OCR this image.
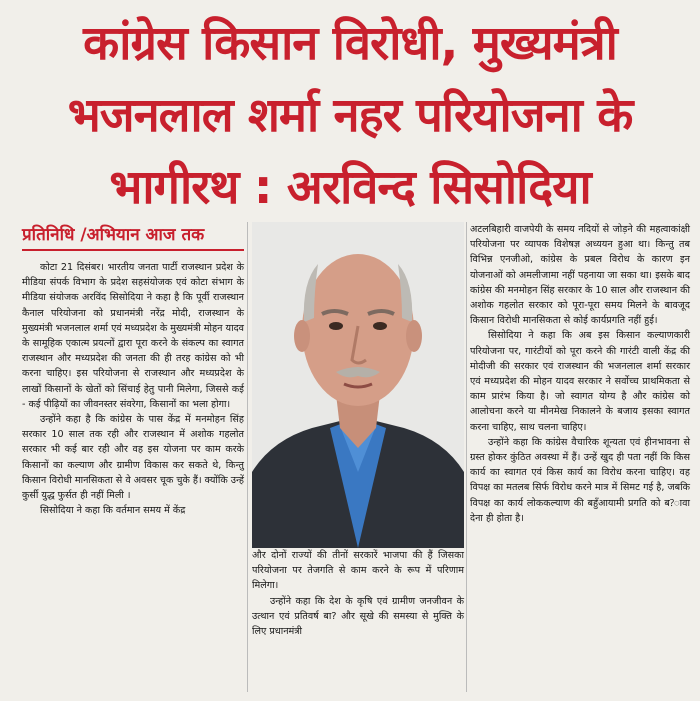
कांग्रेस किसान विरोधी, मुख्यमंत्री
भजनलाल शर्मा नहर परियोजना के
भागीरथ : अरविन्द सिसोदिया
प्रतिनिधि /अभियान आज तक

कोटा 21 दिसंबर। भारतीय जनता पार्टी राजस्थान प्रदेश के मीडिया संपर्क विभाग के प्रदेश सहसंयोजक एवं कोटा संभाग के मीडिया संयोजक अरविंद सिसोदिया ने कहा है कि पूर्वी राजस्थान कैनाल परियोजना को प्रधानमंत्री नरेंद्र मोदी, राजस्थान के मुख्यमंत्री भजनलाल शर्मा एवं मध्यप्रदेश के मुख्यमंत्री मोहन यादव के सामूहिक एकात्म प्रयत्नों द्वारा पूरा करने के संकल्प का स्वागत राजस्थान और मध्यप्रदेश की जनता की ही तरह कांग्रेस को भी करना चाहिए। इस परियोजना से राजस्थान और मध्यप्रदेश के लाखों किसानों के खेतों को सिंचाई हेतु पानी मिलेगा, जिससे कई - कई पीढ़ियों का जीवनस्तर संवरेगा, किसानों का भला होगा।

उन्होंने कहा है कि कांग्रेस के पास केंद्र में मनमोहन सिंह सरकार 10 साल तक रही और राजस्थान में अशोक गहलोत सरकार भी कई बार रही और वह इस योजना पर काम करके किसानों का कल्याण और ग्रामीण विकास कर सकते थे, किन्तु किसान विरोधी मानसिकता से वे अवसर चूक चुके हैं। क्योंकि उन्हें कुर्सी युद्ध फुर्सत ही नहीं मिली ।

सिसोदिया ने कहा कि वर्तमान समय में केंद्र

और दोनों राज्यों की तीनों सरकारें भाजपा की हैं जिसका परियोजना पर तेजगति से काम करने के रूप में परिणाम मिलेगा।

उन्होंने कहा कि देश के कृषि एवं ग्रामीण जनजीवन के उत्थान एवं प्रतिवर्ष बा? और सूखे की समस्या से मुक्ति के लिए प्रधानमंत्री

अटलबिहारी वाजपेयी के समय नदियों से जोड़ने की महत्वाकांक्षी परियोजना पर व्यापक विशेषज्ञ अध्ययन हुआ था। किन्तु तब विभिन्न एनजीओ, कांग्रेस के प्रबल विरोध के कारण इन योजनाओं को अमलीजामा नहीं पहनाया जा सका था। इसके बाद कांग्रेस की मनमोहन सिंह सरकार के 10 साल और राजस्थान की अशोक गहलोत सरकार को पूरा-पूरा समय मिलने के बावजूद किसान विरोधी मानसिकता से कोई कार्यप्रगति नहीं हुई।

सिसोदिया ने कहा कि अब इस किसान कल्याणकारी परियोजना पर, गारंटीयों को पूरा करने की गारंटी वाली केंद्र की मोदीजी की सरकार एवं राजस्थान की भजनलाल शर्मा सरकार एवं मध्यप्रदेश की मोहन यादव सरकार ने सर्वोच्च प्राथमिकता से काम प्रारंभ किया है। जो स्वागत योग्य है और कांग्रेस को आलोचना करने या मीनमेख निकालने के बजाय इसका स्वागत करना चाहिए, साथ चलना चाहिए।

उन्होंने कहा कि कांग्रेस वैचारिक शून्यता एवं हीनभावना से ग्रस्त होकर कुंठित अवस्था में हैं। उन्हें खुद ही पता नहीं कि किस कार्य का स्वागत एवं किस कार्य का विरोध करना चाहिए। वह विपक्ष का मतलब सिर्फ विरोध करने मात्र में सिमट गई है, जबकि विपक्ष का कार्य लोककल्याण की बहुँआयामी प्रगति को ब?ावा देना ही होता है।
